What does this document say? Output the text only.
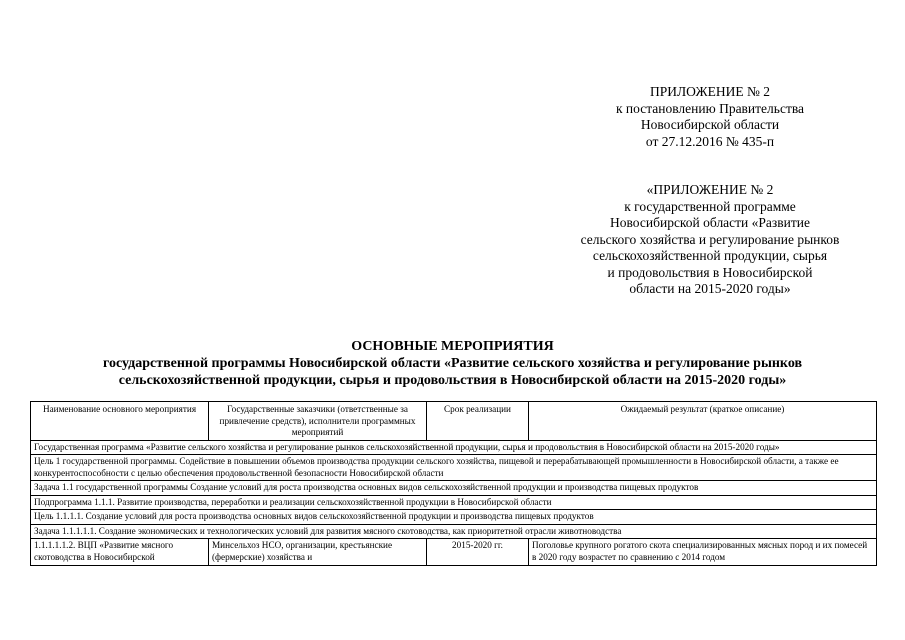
ПРИЛОЖЕНИЕ № 2
к постановлению Правительства
Новосибирской области
от 27.12.2016 № 435-п
«ПРИЛОЖЕНИЕ № 2
к государственной программе
Новосибирской области «Развитие
сельского хозяйства и регулирование рынков
сельскохозяйственной продукции, сырья
и продовольствия в Новосибирской
области на 2015-2020 годы»
ОСНОВНЫЕ МЕРОПРИЯТИЯ
государственной программы Новосибирской области «Развитие сельского хозяйства и регулирование рынков
сельскохозяйственной продукции, сырья и продовольствия в Новосибирской области на 2015-2020 годы»
Наименование основного мероприятия	Государственные заказчики (ответственные за привлечение средств), исполнители программных мероприятий	Срок реализации	Ожидаемый результат (краткое описание)
Государственная программа «Развитие сельского хозяйства и регулирование рынков сельскохозяйственной продукции, сырья и продовольствия в Новосибирской области на 2015-2020 годы»			
Цель 1 государственной программы. Содействие в повышении объемов производства продукции сельского хозяйства, пищевой и перерабатывающей промышленности в Новосибирской области, а также ее конкурентоспособности с целью обеспечения продовольственной безопасности Новосибирской области			
Задача 1.1 государственной программы Создание условий для роста производства основных видов сельскохозяйственной продукции и производства пищевых продуктов			
Подпрограмма 1.1.1. Развитие производства, переработки и реализации сельскохозяйственной продукции в Новосибирской области			
Цель 1.1.1.1. Создание условий для роста производства основных видов сельскохозяйственной продукции и производства пищевых продуктов			
Задача 1.1.1.1.1. Создание экономических и технологических условий для развития мясного скотоводства, как приоритетной отрасли животноводства			
1.1.1.1.1.2. ВЦП «Развитие мясного скотоводства в Новосибирской	Минсельхоз НСО, организации, крестьянские (фермерские) хозяйства и	2015-2020 гг.	Поголовье крупного рогатого скота специализированных мясных пород и их помесей в 2020 году возрастет по сравнению с 2014 годом
